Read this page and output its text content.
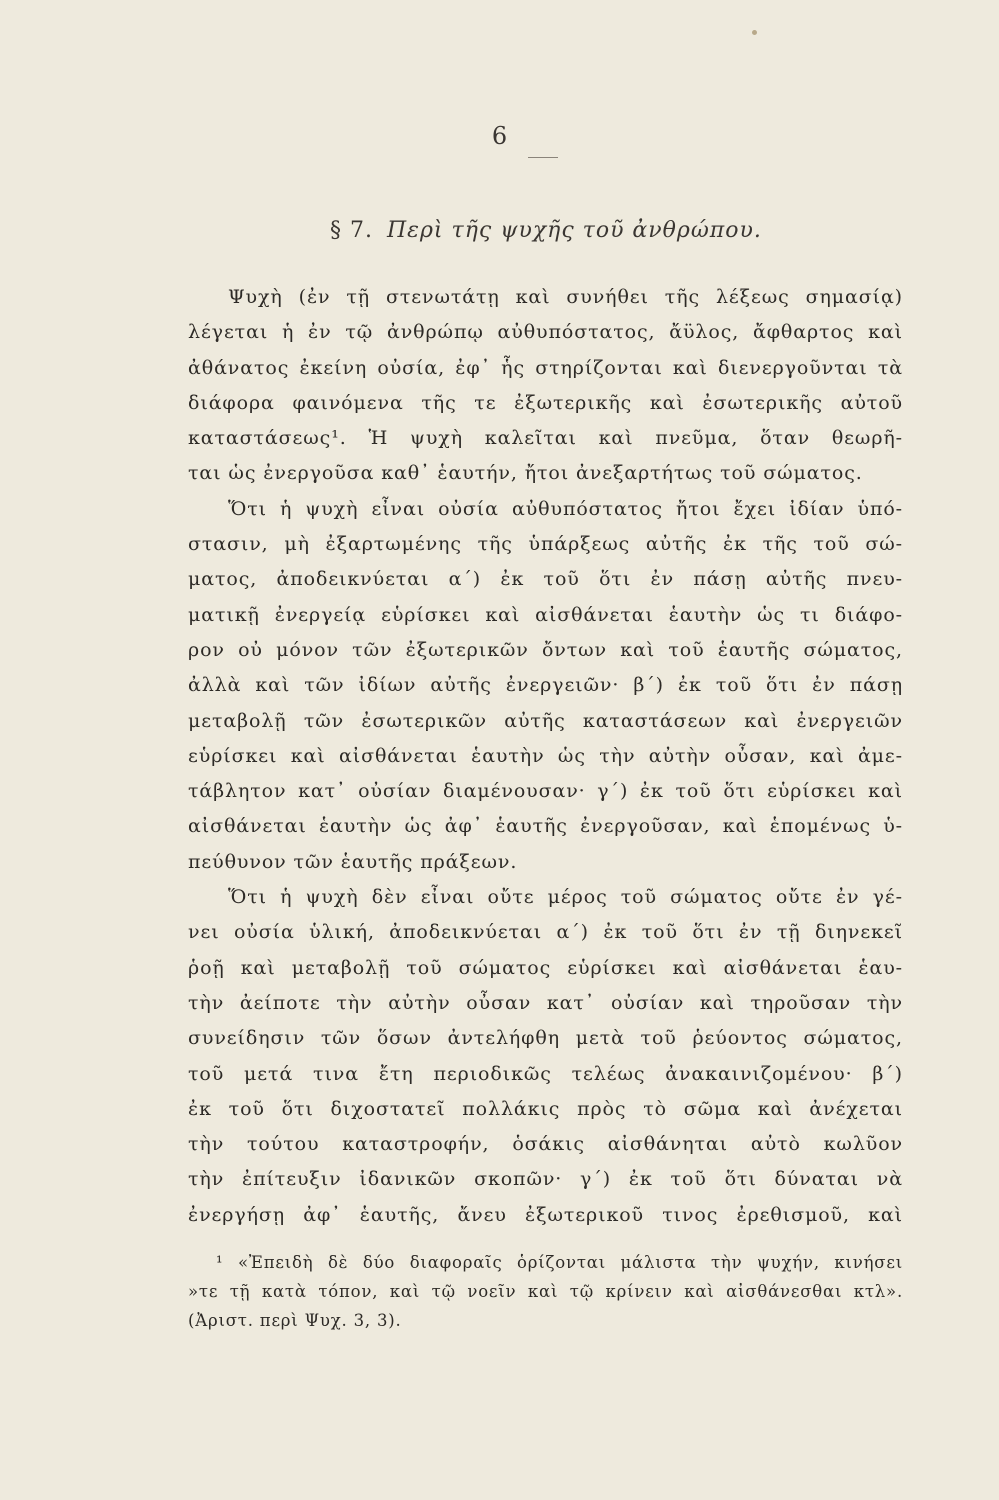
6
§ 7. Περὶ τῆς ψυχῆς τοῦ ἀνθρώπου.
Ψυχὴ (ἐν τῇ στενωτάτῃ καὶ συνήθει τῆς λέξεως σημασίᾳ)
λέγεται ἡ ἐν τῷ ἀνθρώπῳ αὐθυπόστατος, ἄϋλος, ἄφθαρτος καὶ
ἀθάνατος ἐκείνη οὐσία, ἐφ᾽ ἧς στηρίζονται καὶ διενεργοῦνται τὰ
διάφορα φαινόμενα τῆς τε ἐξωτερικῆς καὶ ἐσωτερικῆς αὐτοῦ
καταστάσεως¹. Ἡ ψυχὴ καλεῖται καὶ πνεῦμα, ὅταν θεωρῆ-
ται ὡς ἐνεργοῦσα καθ᾽ ἑαυτήν, ἤτοι ἀνεξαρτήτως τοῦ σώματος.
Ὅτι ἡ ψυχὴ εἶναι οὐσία αὐθυπόστατος ἤτοι ἔχει ἰδίαν ὑπό-
στασιν, μὴ ἐξαρτωμένης τῆς ὑπάρξεως αὐτῆς ἐκ τῆς τοῦ σώ-
ματος, ἀποδεικνύεται α΄) ἐκ τοῦ ὅτι ἐν πάσῃ αὐτῆς πνευ-
ματικῇ ἐνεργείᾳ εὑρίσκει καὶ αἰσθάνεται ἑαυτὴν ὡς τι διάφο-
ρον οὐ μόνον τῶν ἐξωτερικῶν ὄντων καὶ τοῦ ἑαυτῆς σώματος,
ἀλλὰ καὶ τῶν ἰδίων αὐτῆς ἐνεργειῶν· β΄) ἐκ τοῦ ὅτι ἐν πάσῃ
μεταβολῇ τῶν ἐσωτερικῶν αὐτῆς καταστάσεων καὶ ἐνεργειῶν
εὑρίσκει καὶ αἰσθάνεται ἑαυτὴν ὡς τὴν αὐτὴν οὖσαν, καὶ ἀμε-
τάβλητον κατ᾽ οὐσίαν διαμένουσαν· γ΄) ἐκ τοῦ ὅτι εὑρίσκει καὶ
αἰσθάνεται ἑαυτὴν ὡς ἀφ᾽ ἑαυτῆς ἐνεργοῦσαν, καὶ ἑπομένως ὑ-
πεύθυνον τῶν ἑαυτῆς πράξεων.
Ὅτι ἡ ψυχὴ δὲν εἶναι οὔτε μέρος τοῦ σώματος οὔτε ἐν γέ-
νει οὐσία ὑλική, ἀποδεικνύεται α΄) ἐκ τοῦ ὅτι ἐν τῇ διηνεκεῖ
ῥοῇ καὶ μεταβολῇ τοῦ σώματος εὑρίσκει καὶ αἰσθάνεται ἑαυ-
τὴν ἀείποτε τὴν αὐτὴν οὖσαν κατ᾽ οὐσίαν καὶ τηροῦσαν τὴν
συνείδησιν τῶν ὅσων ἀντελήφθη μετὰ τοῦ ῥεύοντος σώματος,
τοῦ μετά τινα ἔτη περιοδικῶς τελέως ἀνακαινιζομένου· β΄)
ἐκ τοῦ ὅτι διχοστατεῖ πολλάκις πρὸς τὸ σῶμα καὶ ἀνέχεται
τὴν τούτου καταστροφήν, ὁσάκις αἰσθάνηται αὐτὸ κωλῦον
τὴν ἐπίτευξιν ἰδανικῶν σκοπῶν· γ΄) ἐκ τοῦ ὅτι δύναται νὰ
ἐνεργήσῃ ἀφ᾽ ἑαυτῆς, ἄνευ ἐξωτερικοῦ τινος ἐρεθισμοῦ, καὶ
¹ «Ἐπειδὴ δὲ δύο διαφοραῖς ὁρίζονται μάλιστα τὴν ψυχήν, κινήσει
»τε τῇ κατὰ τόπον, καὶ τῷ νοεῖν καὶ τῷ κρίνειν καὶ αἰσθάνεσθαι κτλ».
(Ἀριστ. περὶ Ψυχ. 3, 3).
